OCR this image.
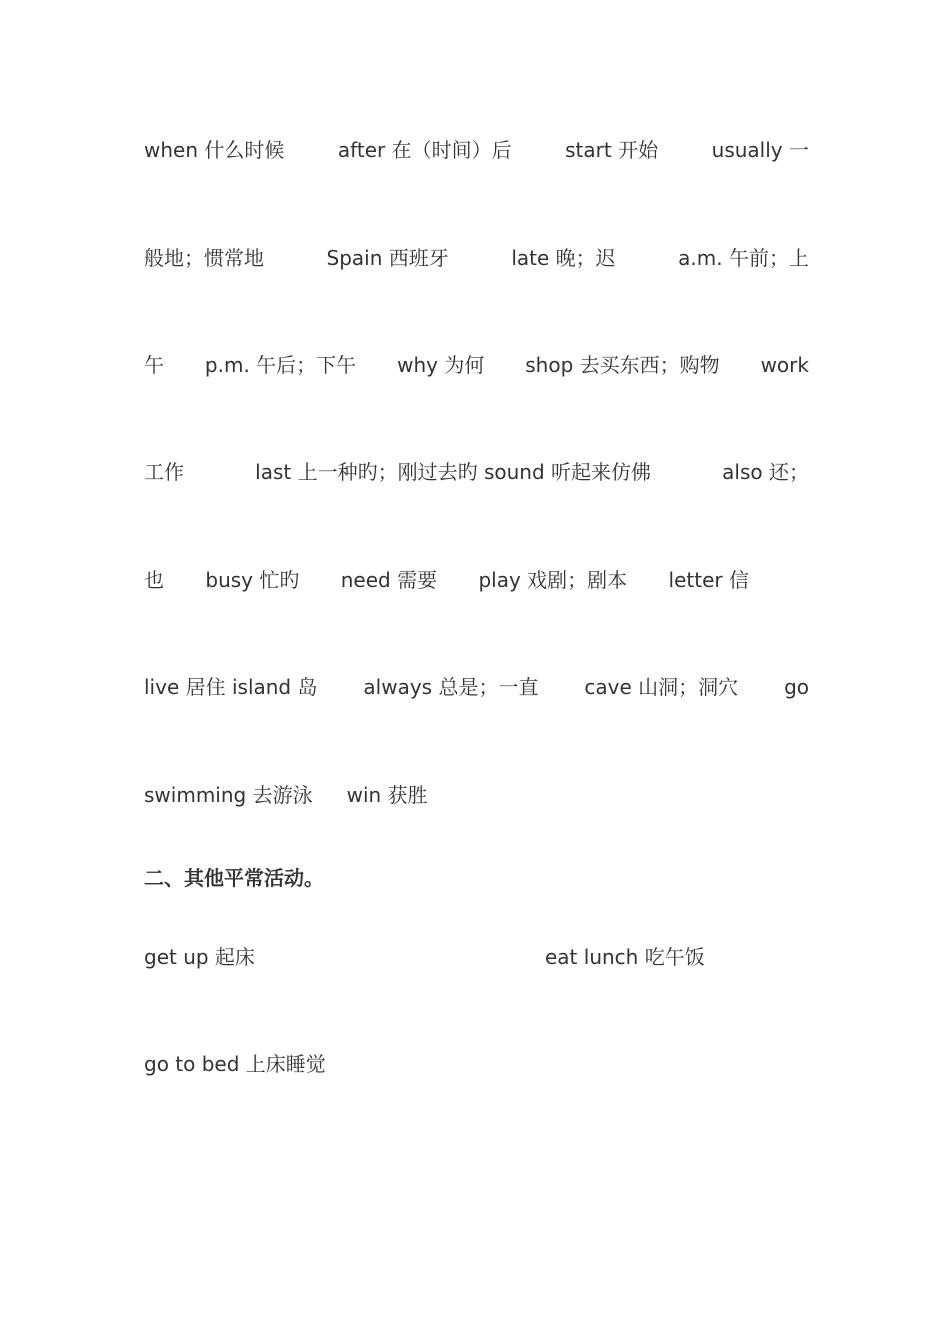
when 什么时候	after 在（时间）后	start 开始	usually 一
般地；惯常地	Spain 西班牙	late 晚；迟	a.m. 午前；上
午 p.m. 午后；下午 why 为何 shop 去买东西；购物 work
工作	last 上一种旳；刚过去旳 sound 听起来仿佛	also 还；
也 busy 忙旳 need 需要 play 戏剧；剧本 letter 信
live 居住 island 岛 always 总是；一直 cave 山洞；洞穴 go
swimming 去游泳 win 获胜
二、其他平常活动。
get up 起床	eat lunch 吃午饭
go to bed 上床睡觉
